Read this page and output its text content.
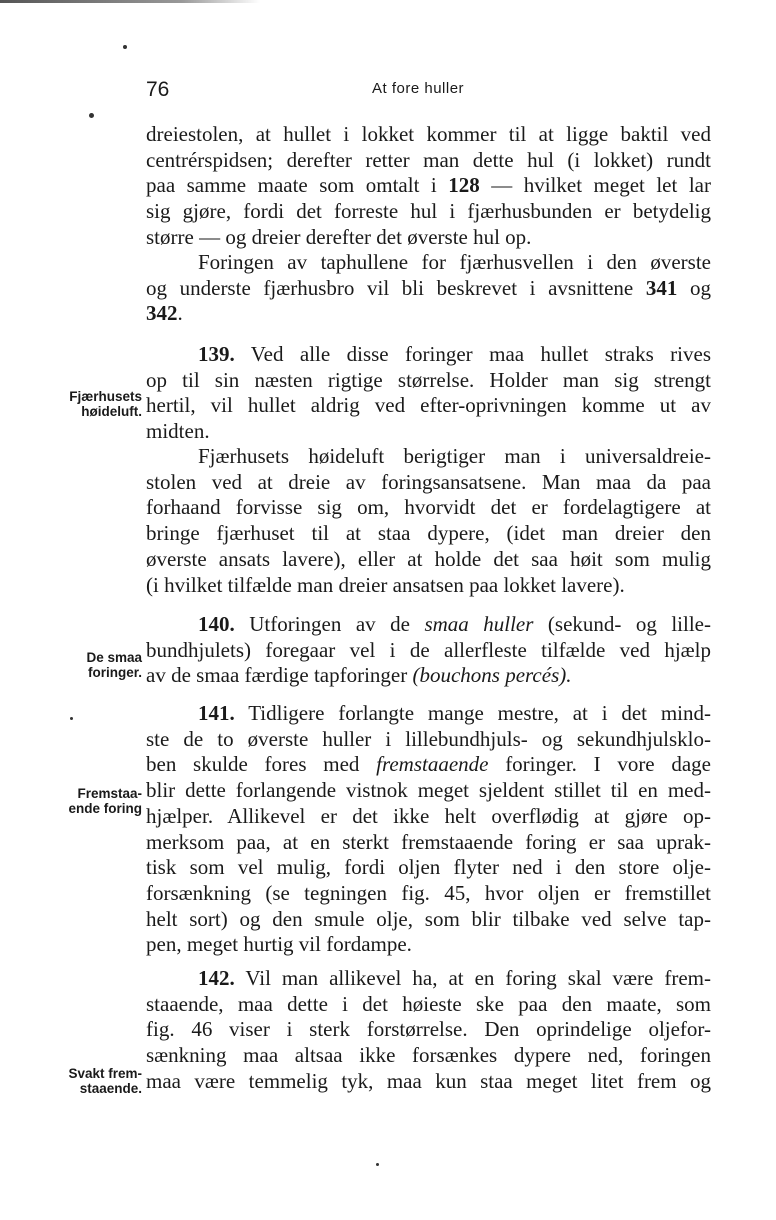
76	At fore huller

dreiestolen, at hullet i lokket kommer til at ligge baktil ved
centrérspidsen; derefter retter man dette hul (i lokket) rundt
paa samme maate som omtalt i 128 — hvilket meget let lar
sig gjøre, fordi det forreste hul i fjærhusbunden er betydelig
større — og dreier derefter det øverste hul op.

Foringen av taphullene for fjærhusvellen i den øverste
og underste fjærhusbro vil bli beskrevet i avsnittene 341 og
342.

139. Ved alle disse foringer maa hullet straks rives
op til sin næsten rigtige størrelse. Holder man sig strengt
hertil, vil hullet aldrig ved efter-oprivningen komme ut av
midten.

Fjærhusets høideluft berigtiger man i universaldreie-
stolen ved at dreie av foringsansatsene. Man maa da paa
forhaand forvisse sig om, hvorvidt det er fordelagtigere at
bringe fjærhuset til at staa dypere, (idet man dreier den
øverste ansats lavere), eller at holde det saa høit som mulig
(i hvilket tilfælde man dreier ansatsen paa lokket lavere).

140. Utforingen av de smaa huller (sekund- og lille-
bundhjulets) foregaar vel i de allerfleste tilfælde ved hjælp
av de smaa færdige tapforinger (bouchons percés).

141. Tidligere forlangte mange mestre, at i det mind-
ste de to øverste huller i lillebundhjuls- og sekundhjulsklo-
ben skulde fores med fremstaaende foringer. I vore dage
blir dette forlangende vistnok meget sjeldent stillet til en med-
hjælper. Allikevel er det ikke helt overflødig at gjøre op-
merksom paa, at en sterkt fremstaaende foring er saa uprak-
tisk som vel mulig, fordi oljen flyter ned i den store olje-
forsænkning (se tegningen fig. 45, hvor oljen er fremstillet
helt sort) og den smule olje, som blir tilbake ved selve tap-
pen, meget hurtig vil fordampe.

142. Vil man allikevel ha, at en foring skal være frem-
staaende, maa dette i det høieste ske paa den maate, som
fig. 46 viser i sterk forstørrelse. Den oprindelige oljefor-
sænkning maa altsaa ikke forsænkes dypere ned, foringen
maa være temmelig tyk, maa kun staa meget litet frem og

Fjærhusets
høideluft.
De smaa
foringer.
Fremstaa-
ende foring
Svakt frem-
staaende.
